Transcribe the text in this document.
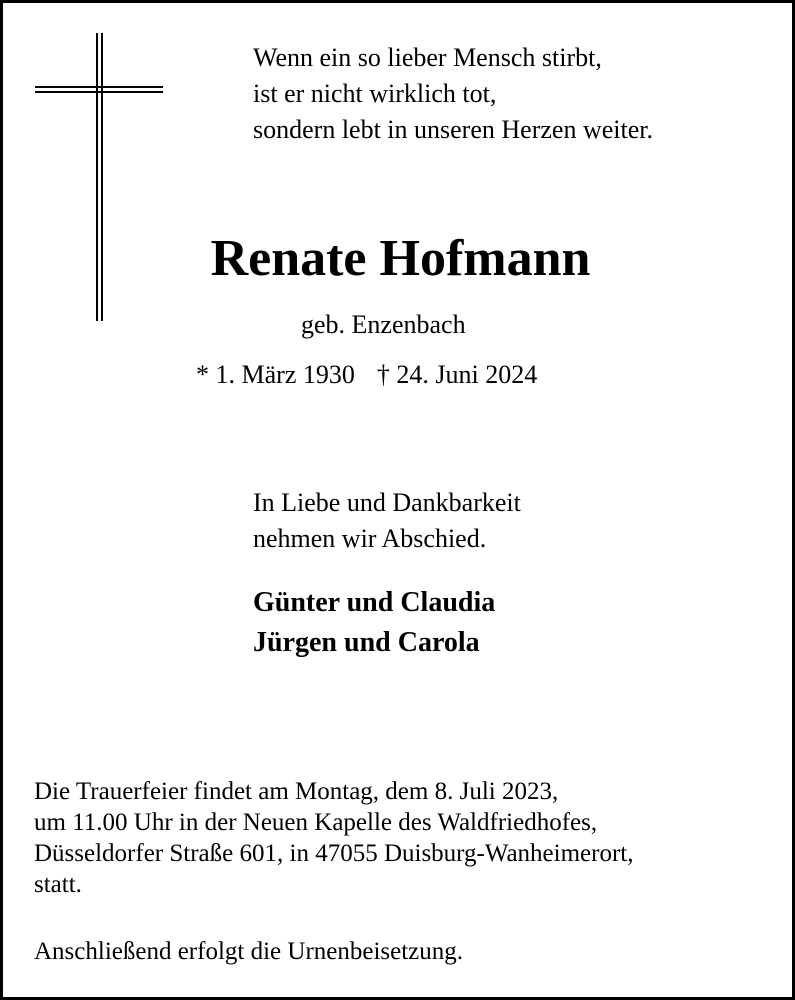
Wenn ein so lieber Mensch stirbt,
ist er nicht wirklich tot,
sondern lebt in unseren Herzen weiter.
Renate Hofmann
geb. Enzenbach
* 1. März 1930 † 24. Juni 2024
In Liebe und Dankbarkeit
nehmen wir Abschied.
Günter und Claudia
Jürgen und Carola
Die Trauerfeier findet am Montag, dem 8. Juli 2023,
um 11.00 Uhr in der Neuen Kapelle des Waldfriedhofes,
Düsseldorfer Straße 601, in 47055 Duisburg-Wanheimerort,
statt.
Anschließend erfolgt die Urnenbeisetzung.
